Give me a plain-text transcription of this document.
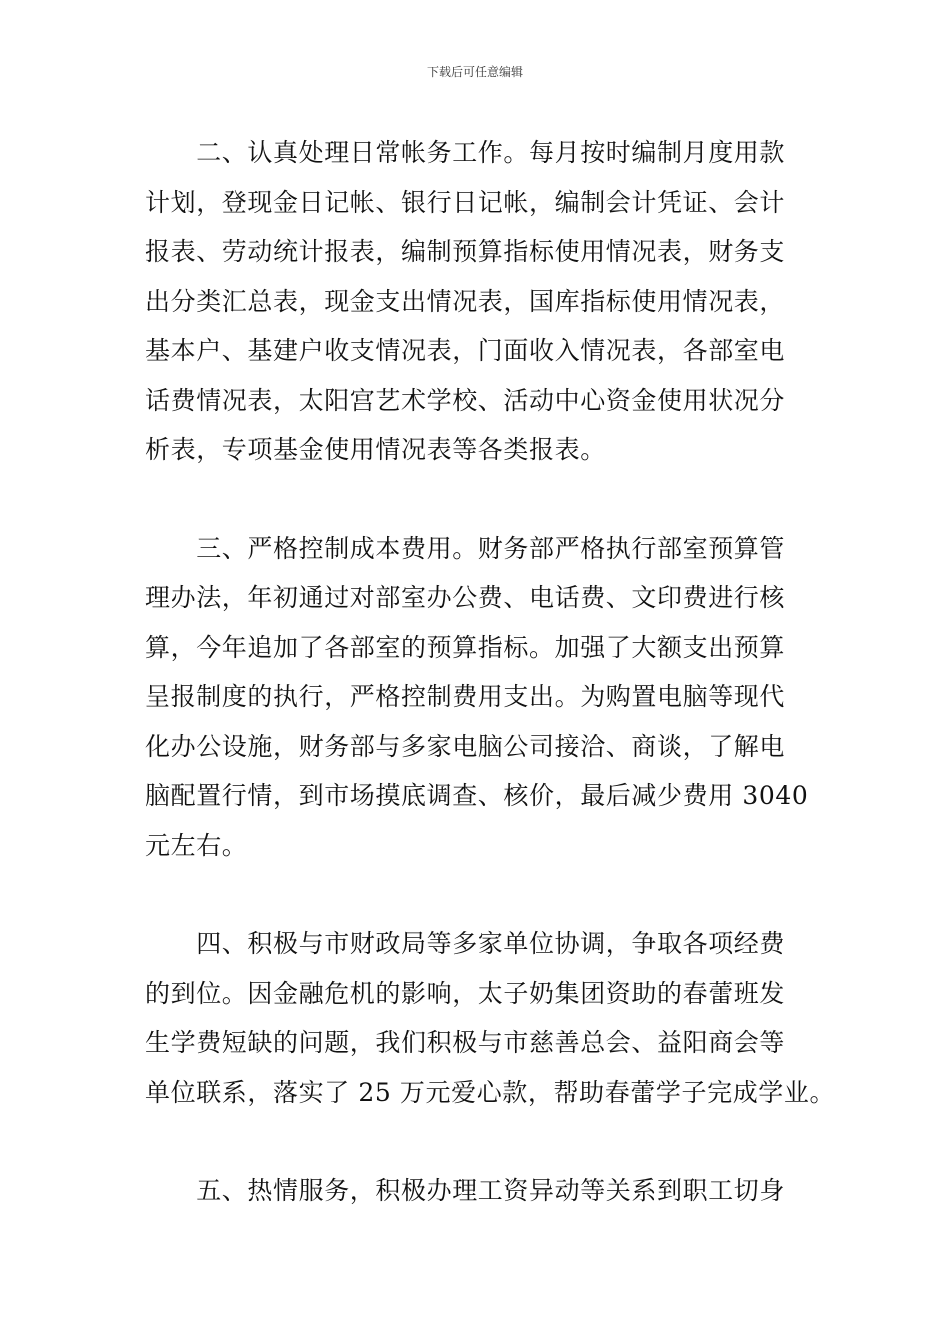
下载后可任意编辑

　　二、认真处理日常帐务工作。每月按时编制月度用款
计划，登现金日记帐、银行日记帐，编制会计凭证、会计
报表、劳动统计报表，编制预算指标使用情况表，财务支
出分类汇总表，现金支出情况表，国库指标使用情况表，
基本户、基建户收支情况表，门面收入情况表，各部室电
话费情况表，太阳宫艺术学校、活动中心资金使用状况分
析表，专项基金使用情况表等各类报表。

　　三、严格控制成本费用。财务部严格执行部室预算管
理办法，年初通过对部室办公费、电话费、文印费进行核
算，今年追加了各部室的预算指标。加强了大额支出预算
呈报制度的执行，严格控制费用支出。为购置电脑等现代
化办公设施，财务部与多家电脑公司接洽、商谈，了解电
脑配置行情，到市场摸底调查、核价，最后减少费用 3040
元左右。

　　四、积极与市财政局等多家单位协调，争取各项经费
的到位。因金融危机的影响，太子奶集团资助的春蕾班发
生学费短缺的问题，我们积极与市慈善总会、益阳商会等
单位联系，落实了 25 万元爱心款，帮助春蕾学子完成学业。

　　五、热情服务，积极办理工资异动等关系到职工切身
